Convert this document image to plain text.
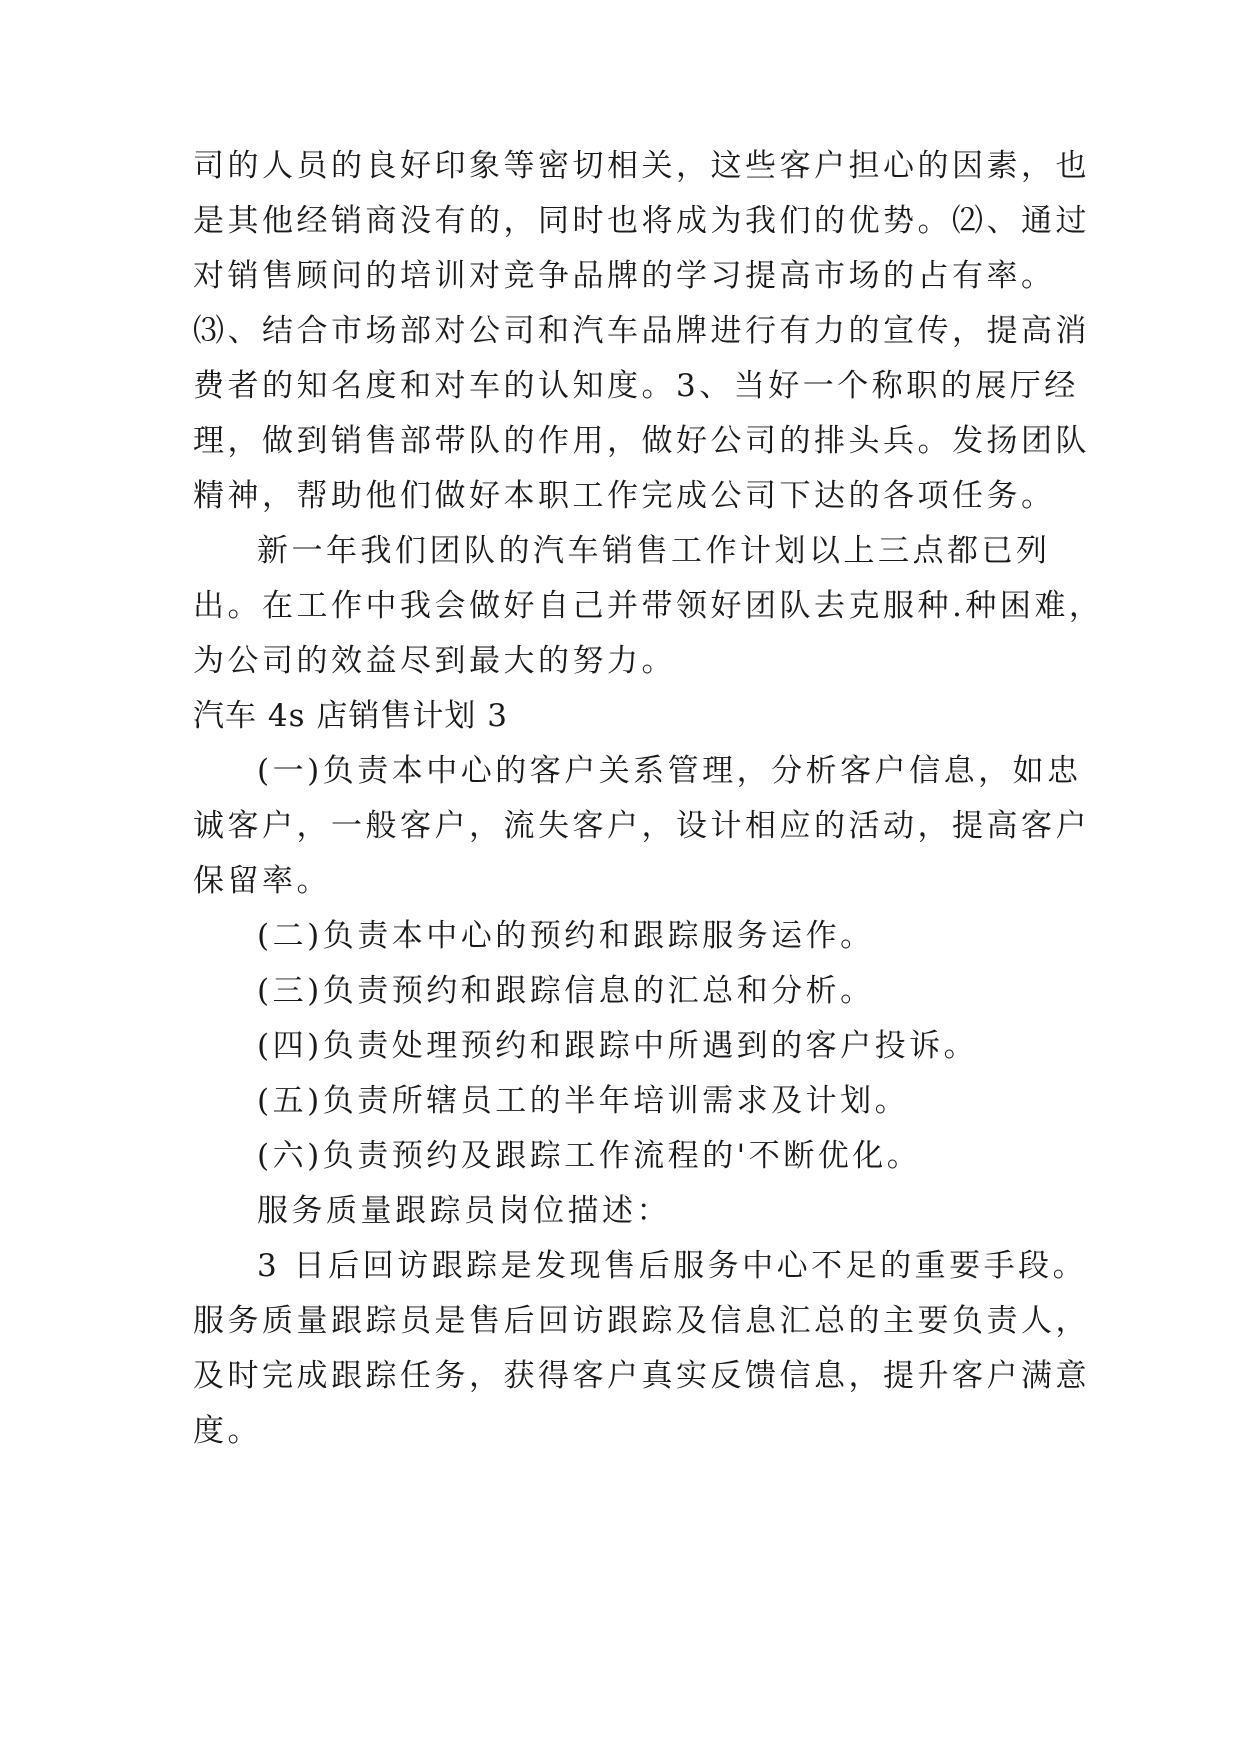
司的人员的良好印象等密切相关，这些客户担心的因素，也
是其他经销商没有的，同时也将成为我们的优势。⑵、通过
对销售顾问的培训对竞争品牌的学习提高市场的占有率。
⑶、结合市场部对公司和汽车品牌进行有力的宣传，提高消
费者的知名度和对车的认知度。3、当好一个称职的展厅经
理，做到销售部带队的作用，做好公司的排头兵。发扬团队
精神，帮助他们做好本职工作完成公司下达的各项任务。
新一年我们团队的汽车销售工作计划以上三点都已列
出。在工作中我会做好自己并带领好团队去克服种.种困难，
为公司的效益尽到最大的努力。
汽车 4s 店销售计划 3
(一)负责本中心的客户关系管理，分析客户信息，如忠
诚客户，一般客户，流失客户，设计相应的活动，提高客户
保留率。
(二)负责本中心的预约和跟踪服务运作。
(三)负责预约和跟踪信息的汇总和分析。
(四)负责处理预约和跟踪中所遇到的客户投诉。
(五)负责所辖员工的半年培训需求及计划。
(六)负责预约及跟踪工作流程的'不断优化。
服务质量跟踪员岗位描述：
3 日后回访跟踪是发现售后服务中心不足的重要手段。
服务质量跟踪员是售后回访跟踪及信息汇总的主要负责人，
及时完成跟踪任务，获得客户真实反馈信息，提升客户满意
度。
